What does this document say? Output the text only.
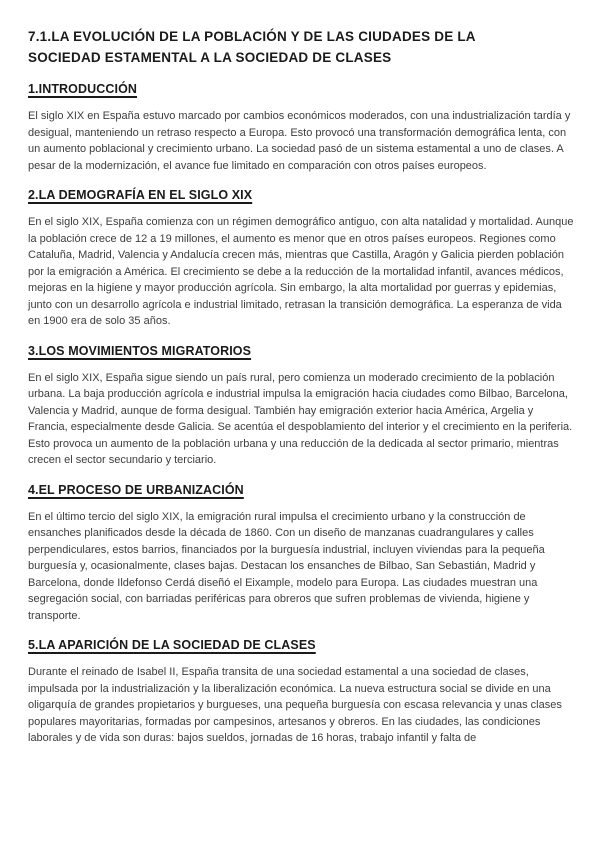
7.1.LA EVOLUCIÓN DE LA POBLACIÓN Y DE LAS CIUDADES DE LA SOCIEDAD ESTAMENTAL A LA SOCIEDAD DE CLASES
1.INTRODUCCIÓN

El siglo XIX en España estuvo marcado por cambios económicos moderados, con una industrialización tardía y desigual, manteniendo un retraso respecto a Europa. Esto provocó una transformación demográfica lenta, con un aumento poblacional y crecimiento urbano. La sociedad pasó de un sistema estamental a uno de clases. A pesar de la modernización, el avance fue limitado en comparación con otros países europeos.

2.LA DEMOGRAFÍA EN EL SIGLO XIX

En el siglo XIX, España comienza con un régimen demográfico antiguo, con alta natalidad y mortalidad. Aunque la población crece de 12 a 19 millones, el aumento es menor que en otros países europeos. Regiones como Cataluña, Madrid, Valencia y Andalucía crecen más, mientras que Castilla, Aragón y Galicia pierden población por la emigración a América. El crecimiento se debe a la reducción de la mortalidad infantil, avances médicos, mejoras en la higiene y mayor producción agrícola. Sin embargo, la alta mortalidad por guerras y epidemias, junto con un desarrollo agrícola e industrial limitado, retrasan la transición demográfica. La esperanza de vida en 1900 era de solo 35 años.

3.LOS MOVIMIENTOS MIGRATORIOS

En el siglo XIX, España sigue siendo un país rural, pero comienza un moderado crecimiento de la población urbana. La baja producción agrícola e industrial impulsa la emigración hacia ciudades como Bilbao, Barcelona, Valencia y Madrid, aunque de forma desigual. También hay emigración exterior hacia América, Argelia y Francia, especialmente desde Galicia. Se acentúa el despoblamiento del interior y el crecimiento en la periferia. Esto provoca un aumento de la población urbana y una reducción de la dedicada al sector primario, mientras crecen el sector secundario y terciario.

4.EL PROCESO DE URBANIZACIÓN

En el último tercio del siglo XIX, la emigración rural impulsa el crecimiento urbano y la construcción de ensanches planificados desde la década de 1860. Con un diseño de manzanas cuadrangulares y calles perpendiculares, estos barrios, financiados por la burguesía industrial, incluyen viviendas para la pequeña burguesía y, ocasionalmente, clases bajas. Destacan los ensanches de Bilbao, San Sebastián, Madrid y Barcelona, donde Ildefonso Cerdá diseñó el Eixample, modelo para Europa. Las ciudades muestran una segregación social, con barriadas periféricas para obreros que sufren problemas de vivienda, higiene y transporte.

5.LA APARICIÓN DE LA SOCIEDAD DE CLASES

Durante el reinado de Isabel II, España transita de una sociedad estamental a una sociedad de clases, impulsada por la industrialización y la liberalización económica. La nueva estructura social se divide en una oligarquía de grandes propietarios y burgueses, una pequeña burguesía con escasa relevancia y unas clases populares mayoritarias, formadas por campesinos, artesanos y obreros. En las ciudades, las condiciones laborales y de vida son duras: bajos sueldos, jornadas de 16 horas, trabajo infantil y falta de
